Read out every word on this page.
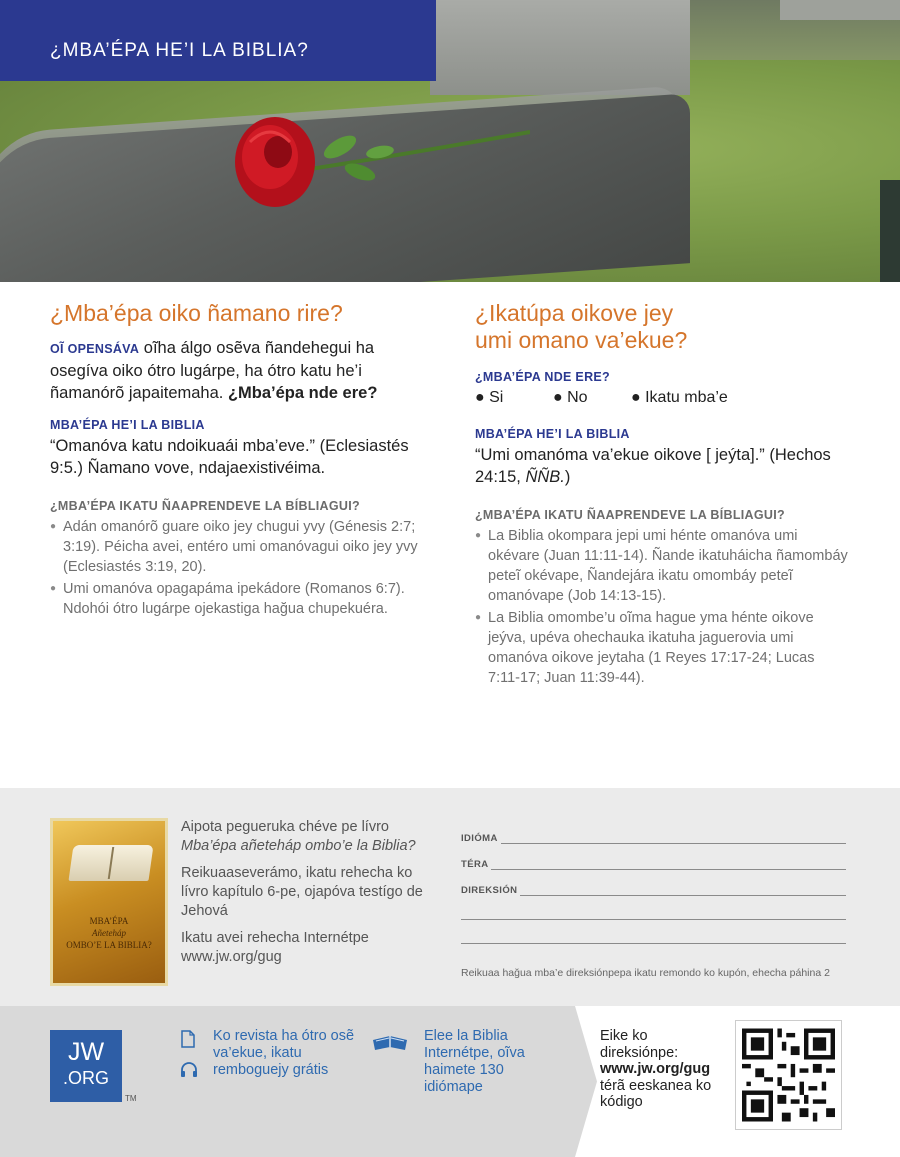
¿MBA’ÉPA HE’I LA BIBLIA?
¿Mba’épa oiko ñamano rire?

OĨ OPENSÁVA oĩha álgo osẽva ñandehegui ha osegíva oiko ótro lugárpe, ha ótro katu he’i ñamanórõ japaitemaha. ¿Mba’épa nde ere?

MBA’ÉPA HE’I LA BIBLIA

“Omanóva katu ndoikuaái mba’eve.” (Eclesiastés 9:5.) Ñamano vove, ndajaexistivéima.

¿MBA’ÉPA IKATU ÑAAPRENDEVE LA BÍBLIAGUI?
● Adán omanórõ guare oiko jey chugui yvy (Génesis 2:7; 3:19). Péicha avei, entéro umi omanóvagui oiko jey yvy (Eclesiastés 3:19, 20).
● Umi omanóva opagapáma ipekádore (Romanos 6:7). Ndohói ótro lugárpe ojekastiga hağua chupekuéra.
¿Ikatúpa oikove jey
umi omano va’ekue?
¿MBA’ÉPA NDE ERE?
● Si	● No	● Ikatu mba’e
MBA’ÉPA HE’I LA BIBLIA

“Umi omanóma va’ekue oikove [ jeýta].” (Hechos 24:15, ÑÑB.)

¿MBA’ÉPA IKATU ÑAAPRENDEVE LA BÍBLIAGUI?
● La Biblia okompara jepi umi hénte omanóva umi okévare (Juan 11:11-14). Ñande ikatuháicha ñamombáy peteĩ okévape, Ñandejára ikatu omombáy peteĩ omanóvape (Job 14:13-15).
● La Biblia omombe’u oĩma hague yma hénte oikove jeýva, upéva ohechauka ikatuha jaguerovia umi omanóva oikove jeytaha (1 Reyes 17:17-24; Lucas 7:11-17; Juan 11:39-44).
MBA’ÉPA
Añeteháp
OMBO’E LA BIBLIA?

Aipota pegueruka chéve pe lívro Mba’épa añeteháp ombo’e la Biblia?

Reikuaaseverámo, ikatu rehecha ko lívro kapítulo 6-pe, ojapóva testígo de Jehová

Ikatu avei rehecha Internétpe www.jw.org/gug

IDIÓMA
TÉRA
DIREKSIÓN
Reikuaa hağua mba’e direksiónpepa ikatu remondo ko kupón, ehecha páhina 2
JW
.ORG
TM
Ko revista ha ótro osẽ va’ekue, ikatu remboguejy grátis
Elee la Biblia Internétpe, oĩva haimete 130 idiómape
Eike ko direksiónpe:
www.jw.org/gug
térã eeskanea ko kódigo
